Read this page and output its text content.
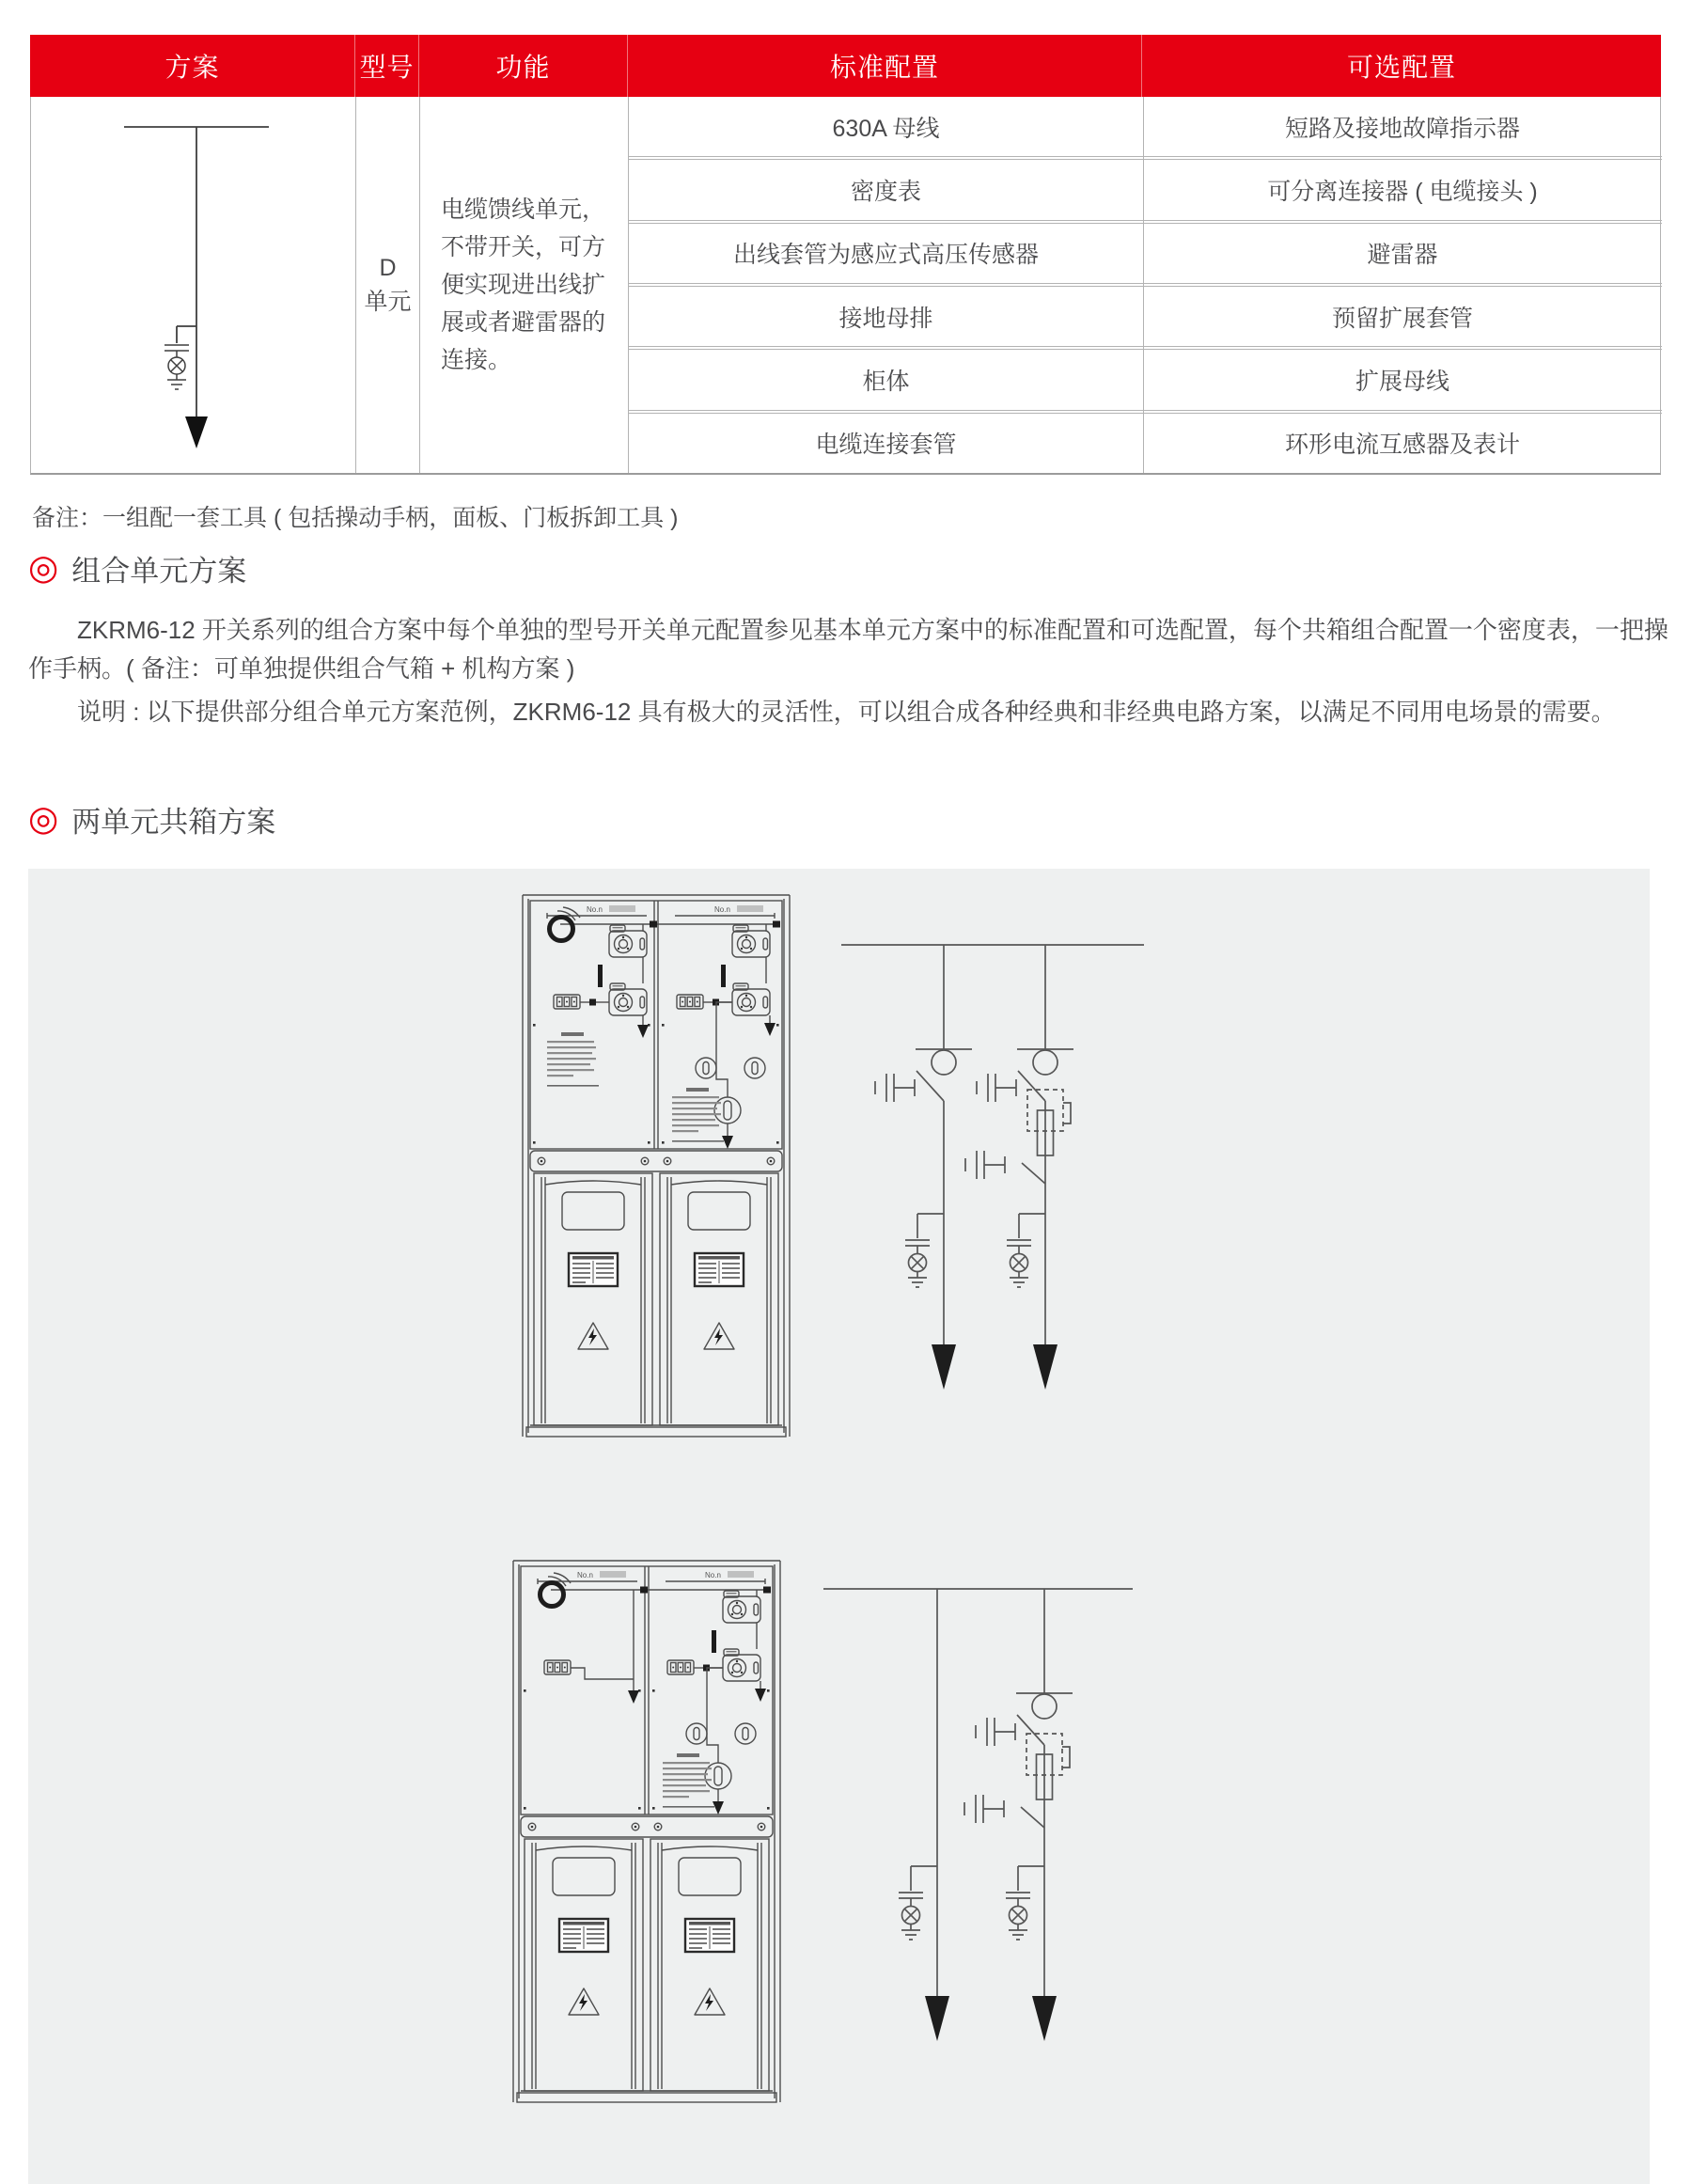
方案	型号	功能	标准配置	可选配置
D
单元
电缆馈线单元，不带开关，可方便实现进出线扩展或者避雷器的连接。
630A 母线	短路及接地故障指示器
密度表	可分离连接器 ( 电缆接头 )
出线套管为感应式高压传感器	避雷器
接地母排	预留扩展套管
柜体	扩展母线
电缆连接套管	环形电流互感器及表计
备注：一组配一套工具 ( 包括操动手柄，面板、门板拆卸工具 )
◎ 组合单元方案

ZKRM6-12 开关系列的组合方案中每个单独的型号开关单元配置参见基本单元方案中的标准配置和可选配置，每个共箱组合配置一个密度表，一把操作手柄。( 备注：可单独提供组合气箱 + 机构方案 )

说明 : 以下提供部分组合单元方案范例，ZKRM6-12 具有极大的灵活性，可以组合成各种经典和非经典电路方案，以满足不同用电场景的需要。

◎ 两单元共箱方案
No.n	No.n
No.n	No.n
